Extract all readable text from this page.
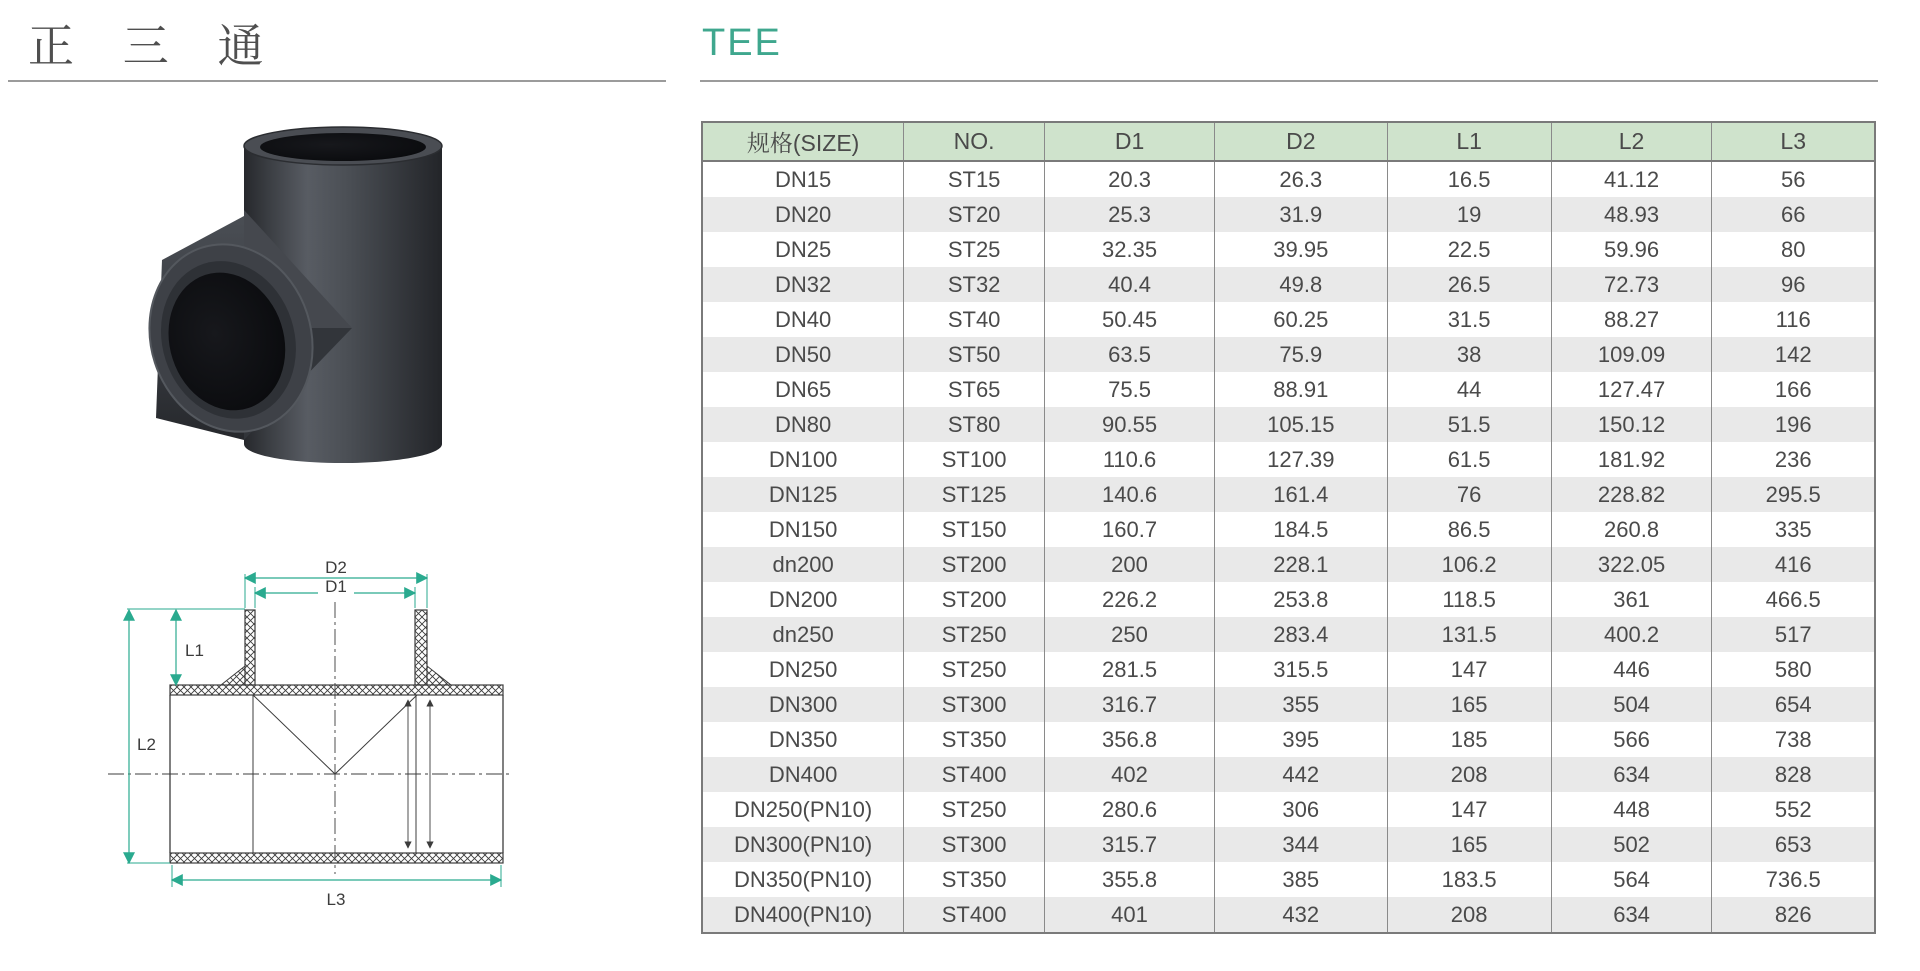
正 三 通	TEE
D2
D1
L1
L2
L3
规格(SIZE)	NO.	D1	D2	L1	L2	L3
DN15	ST15	20.3	26.3	16.5	41.12	56
DN20	ST20	25.3	31.9	19	48.93	66
DN25	ST25	32.35	39.95	22.5	59.96	80
DN32	ST32	40.4	49.8	26.5	72.73	96
DN40	ST40	50.45	60.25	31.5	88.27	116
DN50	ST50	63.5	75.9	38	109.09	142
DN65	ST65	75.5	88.91	44	127.47	166
DN80	ST80	90.55	105.15	51.5	150.12	196
DN100	ST100	110.6	127.39	61.5	181.92	236
DN125	ST125	140.6	161.4	76	228.82	295.5
DN150	ST150	160.7	184.5	86.5	260.8	335
dn200	ST200	200	228.1	106.2	322.05	416
DN200	ST200	226.2	253.8	118.5	361	466.5
dn250	ST250	250	283.4	131.5	400.2	517
DN250	ST250	281.5	315.5	147	446	580
DN300	ST300	316.7	355	165	504	654
DN350	ST350	356.8	395	185	566	738
DN400	ST400	402	442	208	634	828
DN250(PN10)	ST250	280.6	306	147	448	552
DN300(PN10)	ST300	315.7	344	165	502	653
DN350(PN10)	ST350	355.8	385	183.5	564	736.5
DN400(PN10)	ST400	401	432	208	634	826
